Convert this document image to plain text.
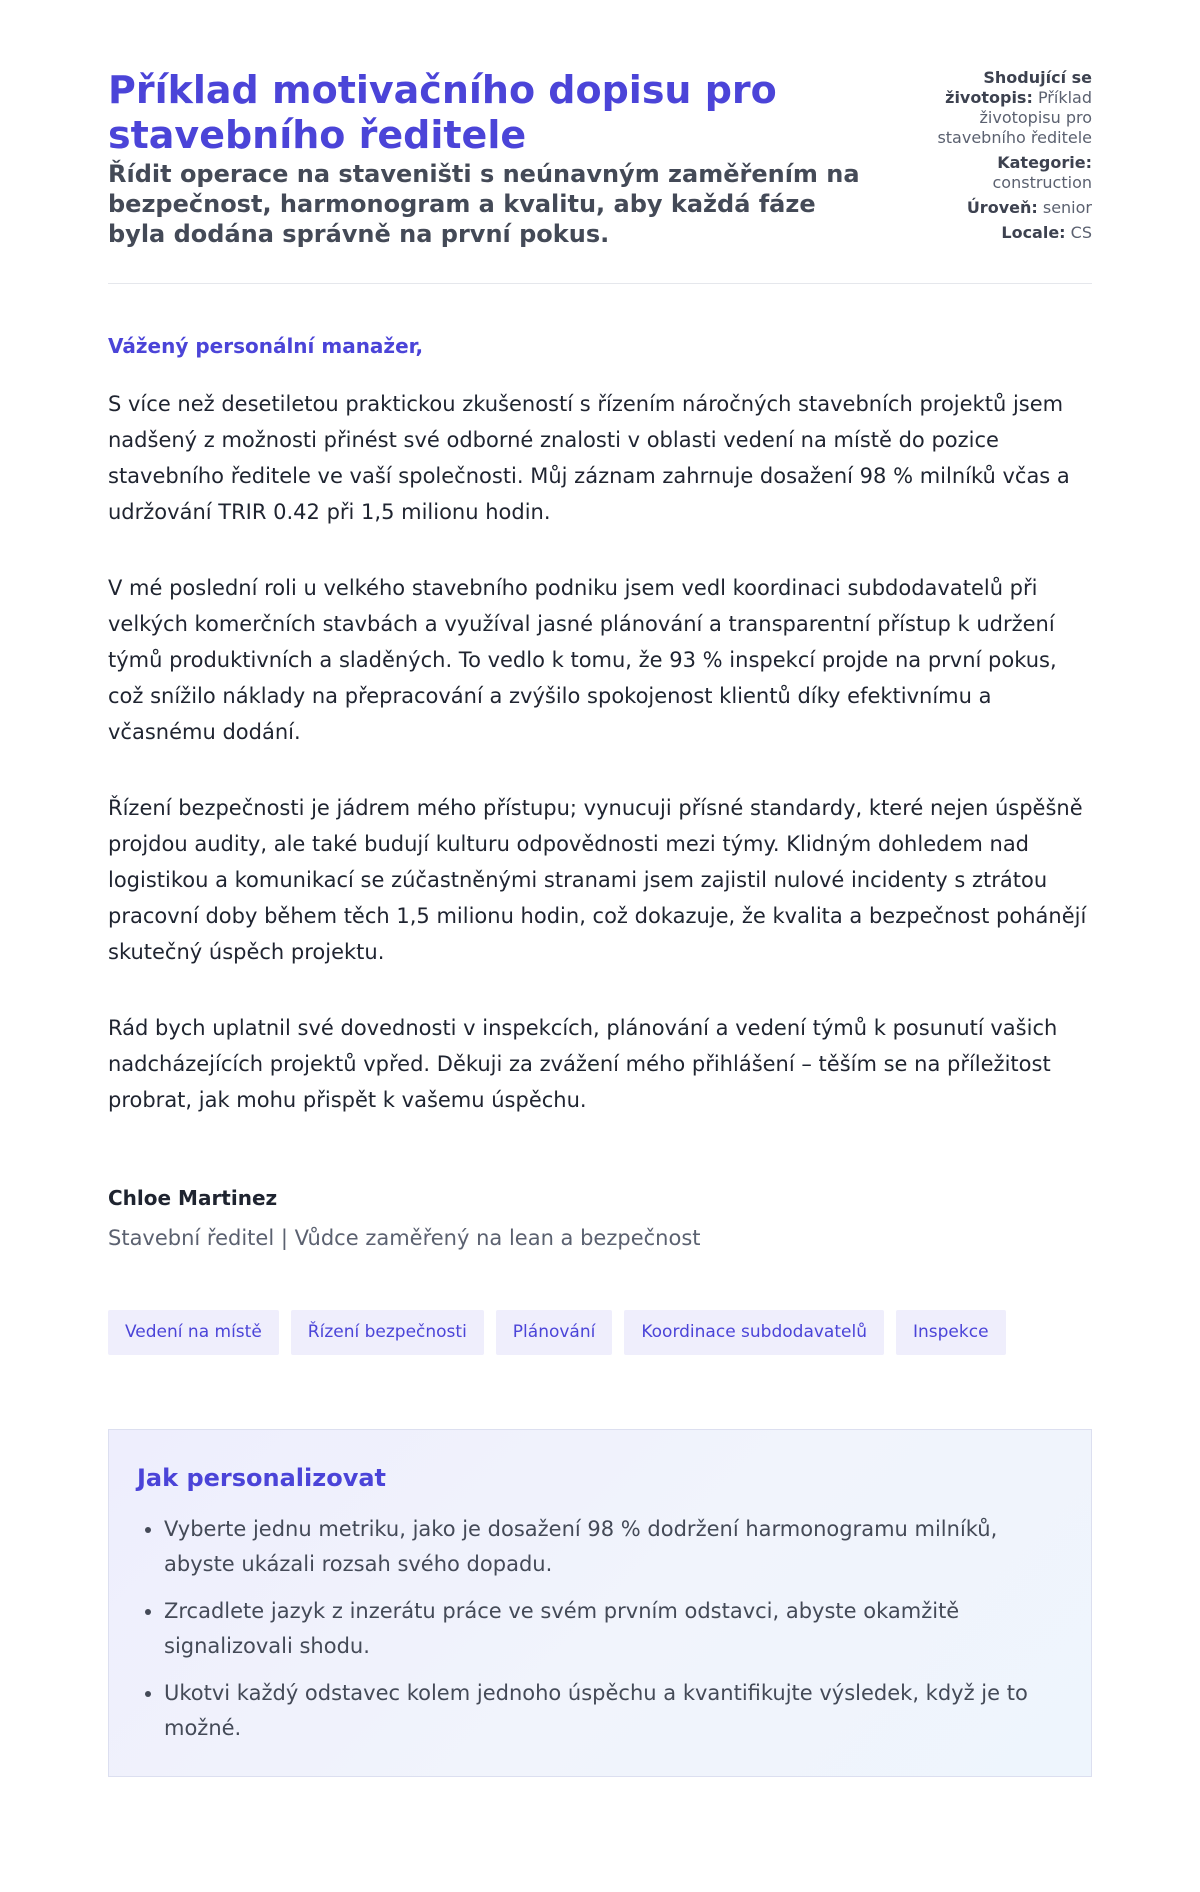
Příklad motivačního dopisu pro stavebního ředitele

Řídit operace na staveništi s neúnavným zaměřením na bezpečnost, harmonogram a kvalitu, aby každá fáze byla dodána správně na první pokus.

Shodující se životopis: Příklad životopisu pro stavebního ředitele
Kategorie:
construction
Úroveň: senior
Locale: CS

Vážený personální manažer,

S více než desetiletou praktickou zkušeností s řízením náročných stavebních projektů jsem nadšený z možnosti přinést své odborné znalosti v oblasti vedení na místě do pozice stavebního ředitele ve vaší společnosti. Můj záznam zahrnuje dosažení 98 % milníků včas a udržování TRIR 0.42 při 1,5 milionu hodin.

V mé poslední roli u velkého stavebního podniku jsem vedl koordinaci subdodavatelů při velkých komerčních stavbách a využíval jasné plánování a transparentní přístup k udržení týmů produktivních a sladěných. To vedlo k tomu, že 93 % inspekcí projde na první pokus, což snížilo náklady na přepracování a zvýšilo spokojenost klientů díky efektivnímu a včasnému dodání.

Řízení bezpečnosti je jádrem mého přístupu; vynucuji přísné standardy, které nejen úspěšně projdou audity, ale také budují kulturu odpovědnosti mezi týmy. Klidným dohledem nad logistikou a komunikací se zúčastněnými stranami jsem zajistil nulové incidenty s ztrátou pracovní doby během těch 1,5 milionu hodin, což dokazuje, že kvalita a bezpečnost pohánějí skutečný úspěch projektu.

Rád bych uplatnil své dovednosti v inspekcích, plánování a vedení týmů k posunutí vašich nadcházejících projektů vpřed. Děkuji za zvážení mého přihlášení – těším se na příležitost probrat, jak mohu přispět k vašemu úspěchu.

Chloe Martinez

Stavební ředitel | Vůdce zaměřený na lean a bezpečnost

Vedení na místě	Řízení bezpečnosti	Plánování	Koordinace subdodavatelů	Inspekce
Jak personalizovat
• Vyberte jednu metriku, jako je dosažení 98 % dodržení harmonogramu milníků, abyste ukázali rozsah svého dopadu.
• Zrcadlete jazyk z inzerátu práce ve svém prvním odstavci, abyste okamžitě signalizovali shodu.
• Ukotvi každý odstavec kolem jednoho úspěchu a kvantifikujte výsledek, když je to možné.
